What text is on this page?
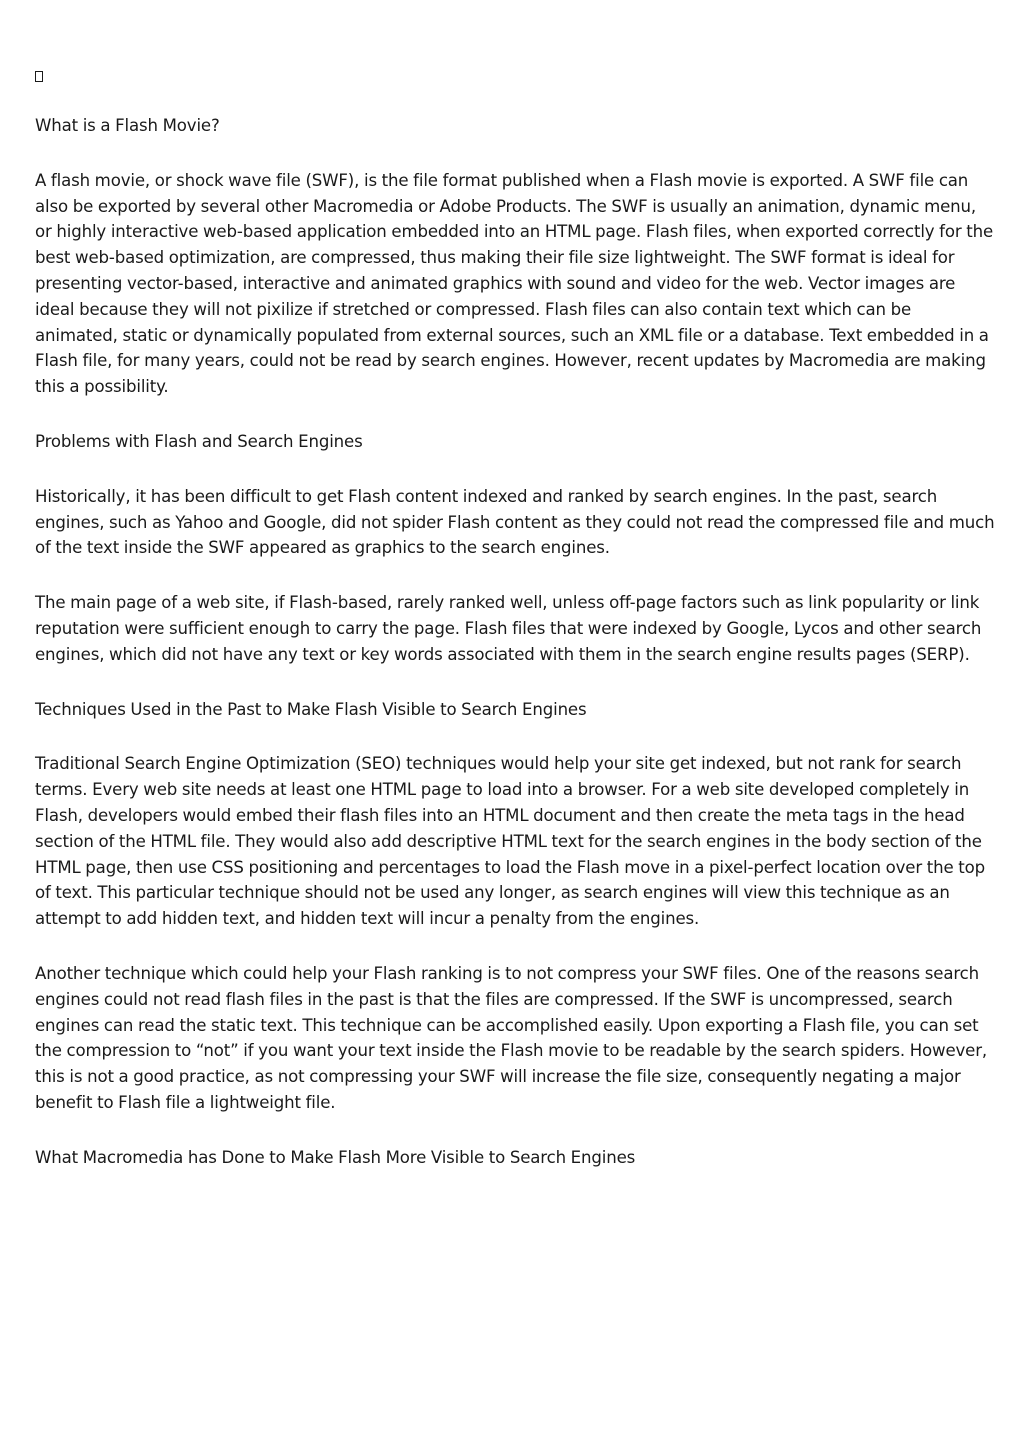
What is a Flash Movie?

A flash movie, or shock wave file (SWF), is the file format published when a Flash movie is exported. A SWF file can also be exported by several other Macromedia or Adobe Products. The SWF is usually an animation, dynamic menu, or highly interactive web-based application embedded into an HTML page. Flash files, when exported correctly for the best web-based optimization, are compressed, thus making their file size lightweight. The SWF format is ideal for presenting vector-based, interactive and animated graphics with sound and video for the web. Vector images are ideal because they will not pixilize if stretched or compressed. Flash files can also contain text which can be animated, static or dynamically populated from external sources, such an XML file or a database. Text embedded in a Flash file, for many years, could not be read by search engines. However, recent updates by Macromedia are making this a possibility.

Problems with Flash and Search Engines

Historically, it has been difficult to get Flash content indexed and ranked by search engines. In the past, search engines, such as Yahoo and Google, did not spider Flash content as they could not read the compressed file and much of the text inside the SWF appeared as graphics to the search engines.

The main page of a web site, if Flash-based, rarely ranked well, unless off-page factors such as link popularity or link reputation were sufficient enough to carry the page. Flash files that were indexed by Google, Lycos and other search engines, which did not have any text or key words associated with them in the search engine results pages (SERP).

Techniques Used in the Past to Make Flash Visible to Search Engines

Traditional Search Engine Optimization (SEO) techniques would help your site get indexed, but not rank for search terms. Every web site needs at least one HTML page to load into a browser. For a web site developed completely in Flash, developers would embed their flash files into an HTML document and then create the meta tags in the head section of the HTML file. They would also add descriptive HTML text for the search engines in the body section of the HTML page, then use CSS positioning and percentages to load the Flash move in a pixel-perfect location over the top of text. This particular technique should not be used any longer, as search engines will view this technique as an attempt to add hidden text, and hidden text will incur a penalty from the engines.

Another technique which could help your Flash ranking is to not compress your SWF files. One of the reasons search engines could not read flash files in the past is that the files are compressed. If the SWF is uncompressed, search engines can read the static text. This technique can be accomplished easily. Upon exporting a Flash file, you can set the compression to “not” if you want your text inside the Flash movie to be readable by the search spiders. However, this is not a good practice, as not compressing your SWF will increase the file size, consequently negating a major benefit to Flash file a lightweight file.

What Macromedia has Done to Make Flash More Visible to Search Engines
